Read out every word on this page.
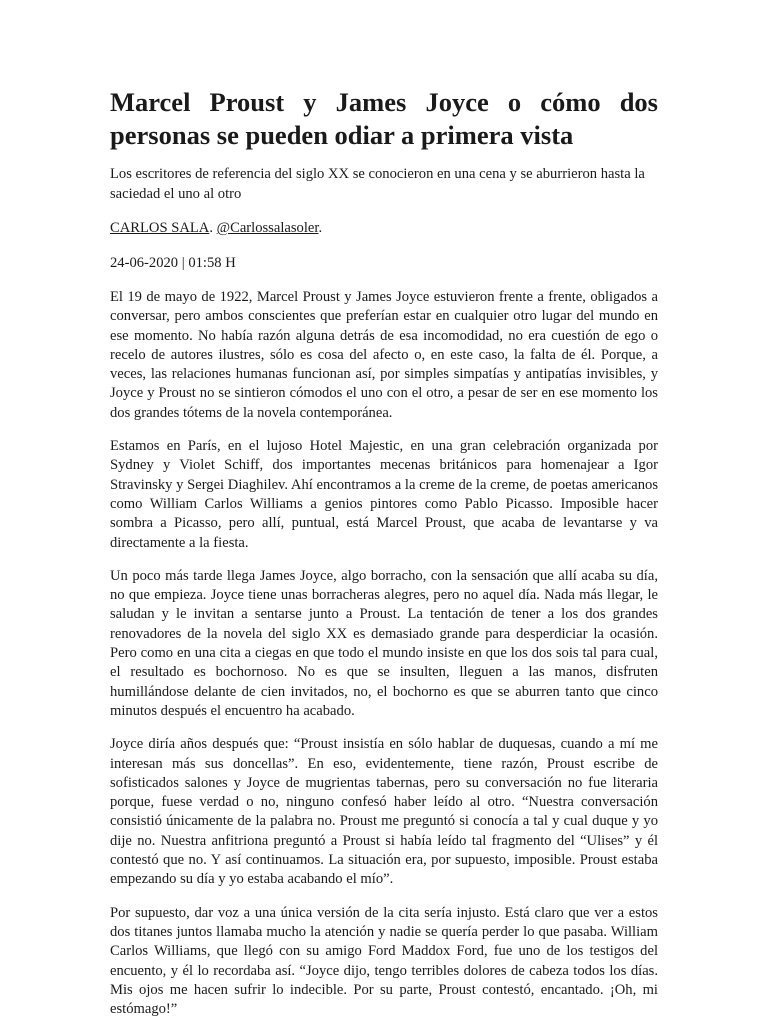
Marcel Proust y James Joyce o cómo dos personas se pueden odiar a primera vista

Los escritores de referencia del siglo XX se conocieron en una cena y se aburrieron hasta la saciedad el uno al otro

CARLOS SALA. @Carlossalasoler.

24-06-2020 | 01:58 H

El 19 de mayo de 1922, Marcel Proust y James Joyce estuvieron frente a frente, obligados a conversar, pero ambos conscientes que preferían estar en cualquier otro lugar del mundo en ese momento. No había razón alguna detrás de esa incomodidad, no era cuestión de ego o recelo de autores ilustres, sólo es cosa del afecto o, en este caso, la falta de él. Porque, a veces, las relaciones humanas funcionan así, por simples simpatías y antipatías invisibles, y Joyce y Proust no se sintieron cómodos el uno con el otro, a pesar de ser en ese momento los dos grandes tótems de la novela contemporánea.

Estamos en París, en el lujoso Hotel Majestic, en una gran celebración organizada por Sydney y Violet Schiff, dos importantes mecenas británicos para homenajear a Igor Stravinsky y Sergei Diaghilev. Ahí encontramos a la creme de la creme, de poetas americanos como William Carlos Williams a genios pintores como Pablo Picasso. Imposible hacer sombra a Picasso, pero allí, puntual, está Marcel Proust, que acaba de levantarse y va directamente a la fiesta.

Un poco más tarde llega James Joyce, algo borracho, con la sensación que allí acaba su día, no que empieza. Joyce tiene unas borracheras alegres, pero no aquel día. Nada más llegar, le saludan y le invitan a sentarse junto a Proust. La tentación de tener a los dos grandes renovadores de la novela del siglo XX es demasiado grande para desperdiciar la ocasión. Pero como en una cita a ciegas en que todo el mundo insiste en que los dos sois tal para cual, el resultado es bochornoso. No es que se insulten, lleguen a las manos, disfruten humillándose delante de cien invitados, no, el bochorno es que se aburren tanto que cinco minutos después el encuentro ha acabado.

Joyce diría años después que: “Proust insistía en sólo hablar de duquesas, cuando a mí me interesan más sus doncellas”. En eso, evidentemente, tiene razón, Proust escribe de sofisticados salones y Joyce de mugrientas tabernas, pero su conversación no fue literaria porque, fuese verdad o no, ninguno confesó haber leído al otro. “Nuestra conversación consistió únicamente de la palabra no. Proust me preguntó si conocía a tal y cual duque y yo dije no. Nuestra anfitriona preguntó a Proust si había leído tal fragmento del “Ulises” y él contestó que no. Y así continuamos. La situación era, por supuesto, imposible. Proust estaba empezando su día y yo estaba acabando el mío”.

Por supuesto, dar voz a una única versión de la cita sería injusto. Está claro que ver a estos dos titanes juntos llamaba mucho la atención y nadie se quería perder lo que pasaba. William Carlos Williams, que llegó con su amigo Ford Maddox Ford, fue uno de los testigos del encuento, y él lo recordaba así. “Joyce dijo, tengo terribles dolores de cabeza todos los días. Mis ojos me hacen sufrir lo indecible. Por su parte, Proust contestó, encantado. ¡Oh, mi estómago!”
